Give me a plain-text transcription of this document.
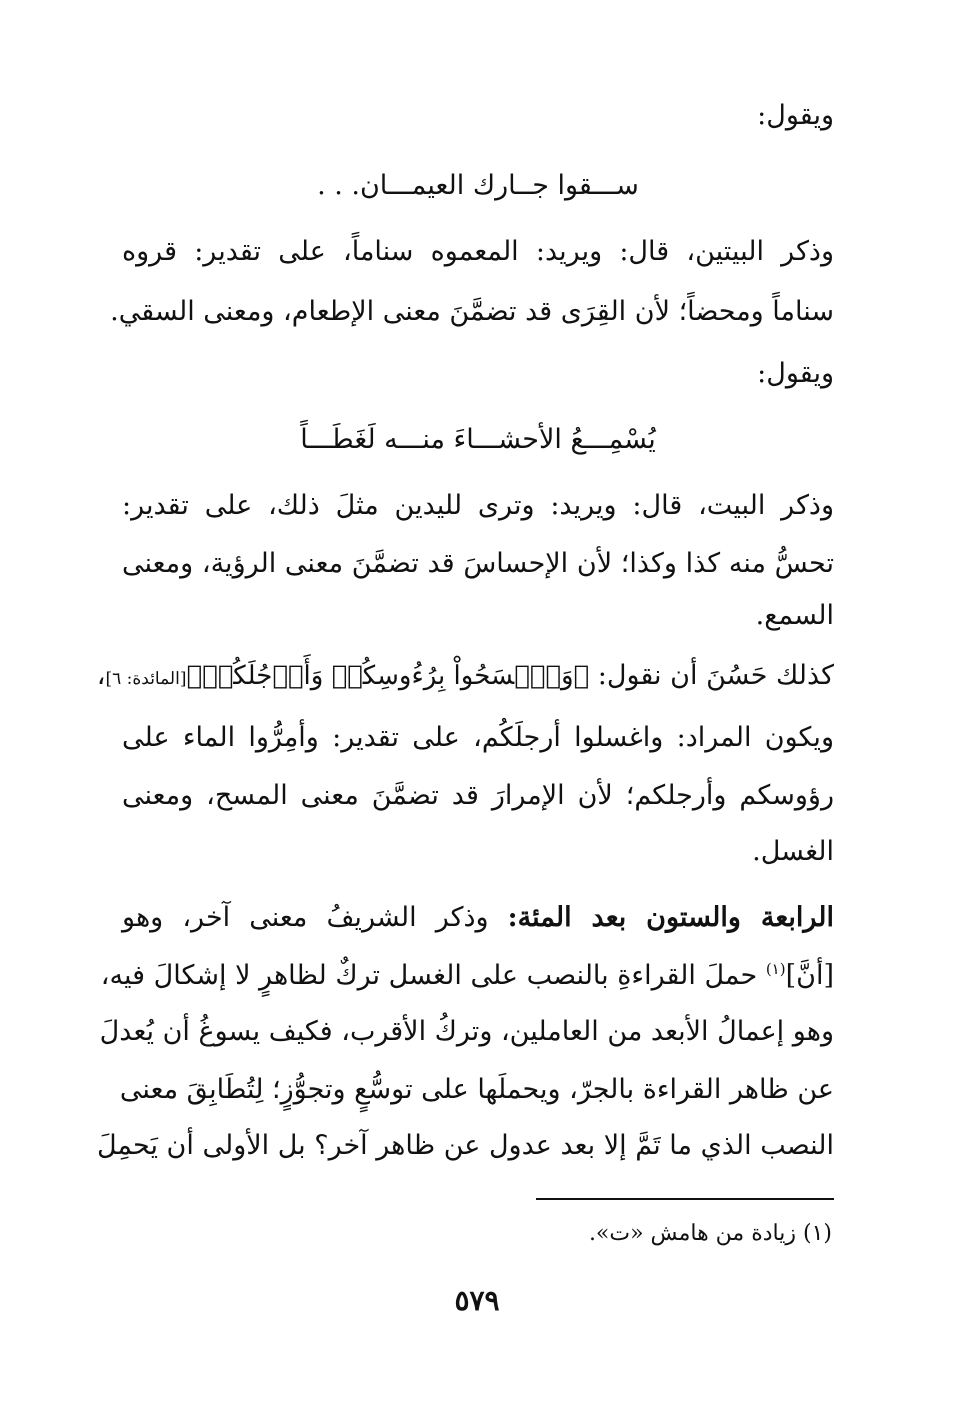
ويقول:
ســـقوا جــارك العيمـــان. . .
وذكر البيتين، قال: ويريد: المعموه سناماً، على تقدير: قروه
سناماً ومحضاً؛ لأن القِرَى قد تضمَّنَ معنى الإطعام، ومعنى السقي.
ويقول:
يُسْمِـــعُ الأحشـــاءَ منـــه لَغَطَـــاً
وذكر البيت، قال: ويريد: وترى لليدين مثلَ ذلك، على تقدير:
تحسُّ منه كذا وكذا؛ لأن الإحساسَ قد تضمَّنَ معنى الرؤية، ومعنى
السمع.
كذلك حَسُنَ أن نقول: ﴿وَٱمۡسَحُواْ بِرُءُوسِكُمۡ وَأَرۡجُلَكُمۡ﴾[المائدة: ٦]،
ويكون المراد: واغسلوا أرجلَكُم، على تقدير: وأمِرُّوا الماء على
رؤوسكم وأرجلكم؛ لأن الإمرارَ قد تضمَّنَ معنى المسح، ومعنى
الغسل.
الرابعة والستون بعد المئة: وذكر الشريفُ معنى آخر، وهو
[أنَّ]$^{(١)}$ حملَ القراءةِ بالنصب على الغسل تركٌ لظاهرٍ لا إشكالَ فيه،
وهو إعمالُ الأبعد من العاملين، وتركُ الأقرب، فكيف يسوغُ أن يُعدلَ
عن ظاهر القراءة بالجرّ، ويحملَها على توسُّعٍ وتجوُّزٍ؛ لِتُطَابِقَ معنى
النصب الذي ما تَمَّ إلا بعد عدول عن ظاهر آخر؟ بل الأولى أن يَحمِلَ
(١) زيادة من هامش «ت».
٥٧٩
